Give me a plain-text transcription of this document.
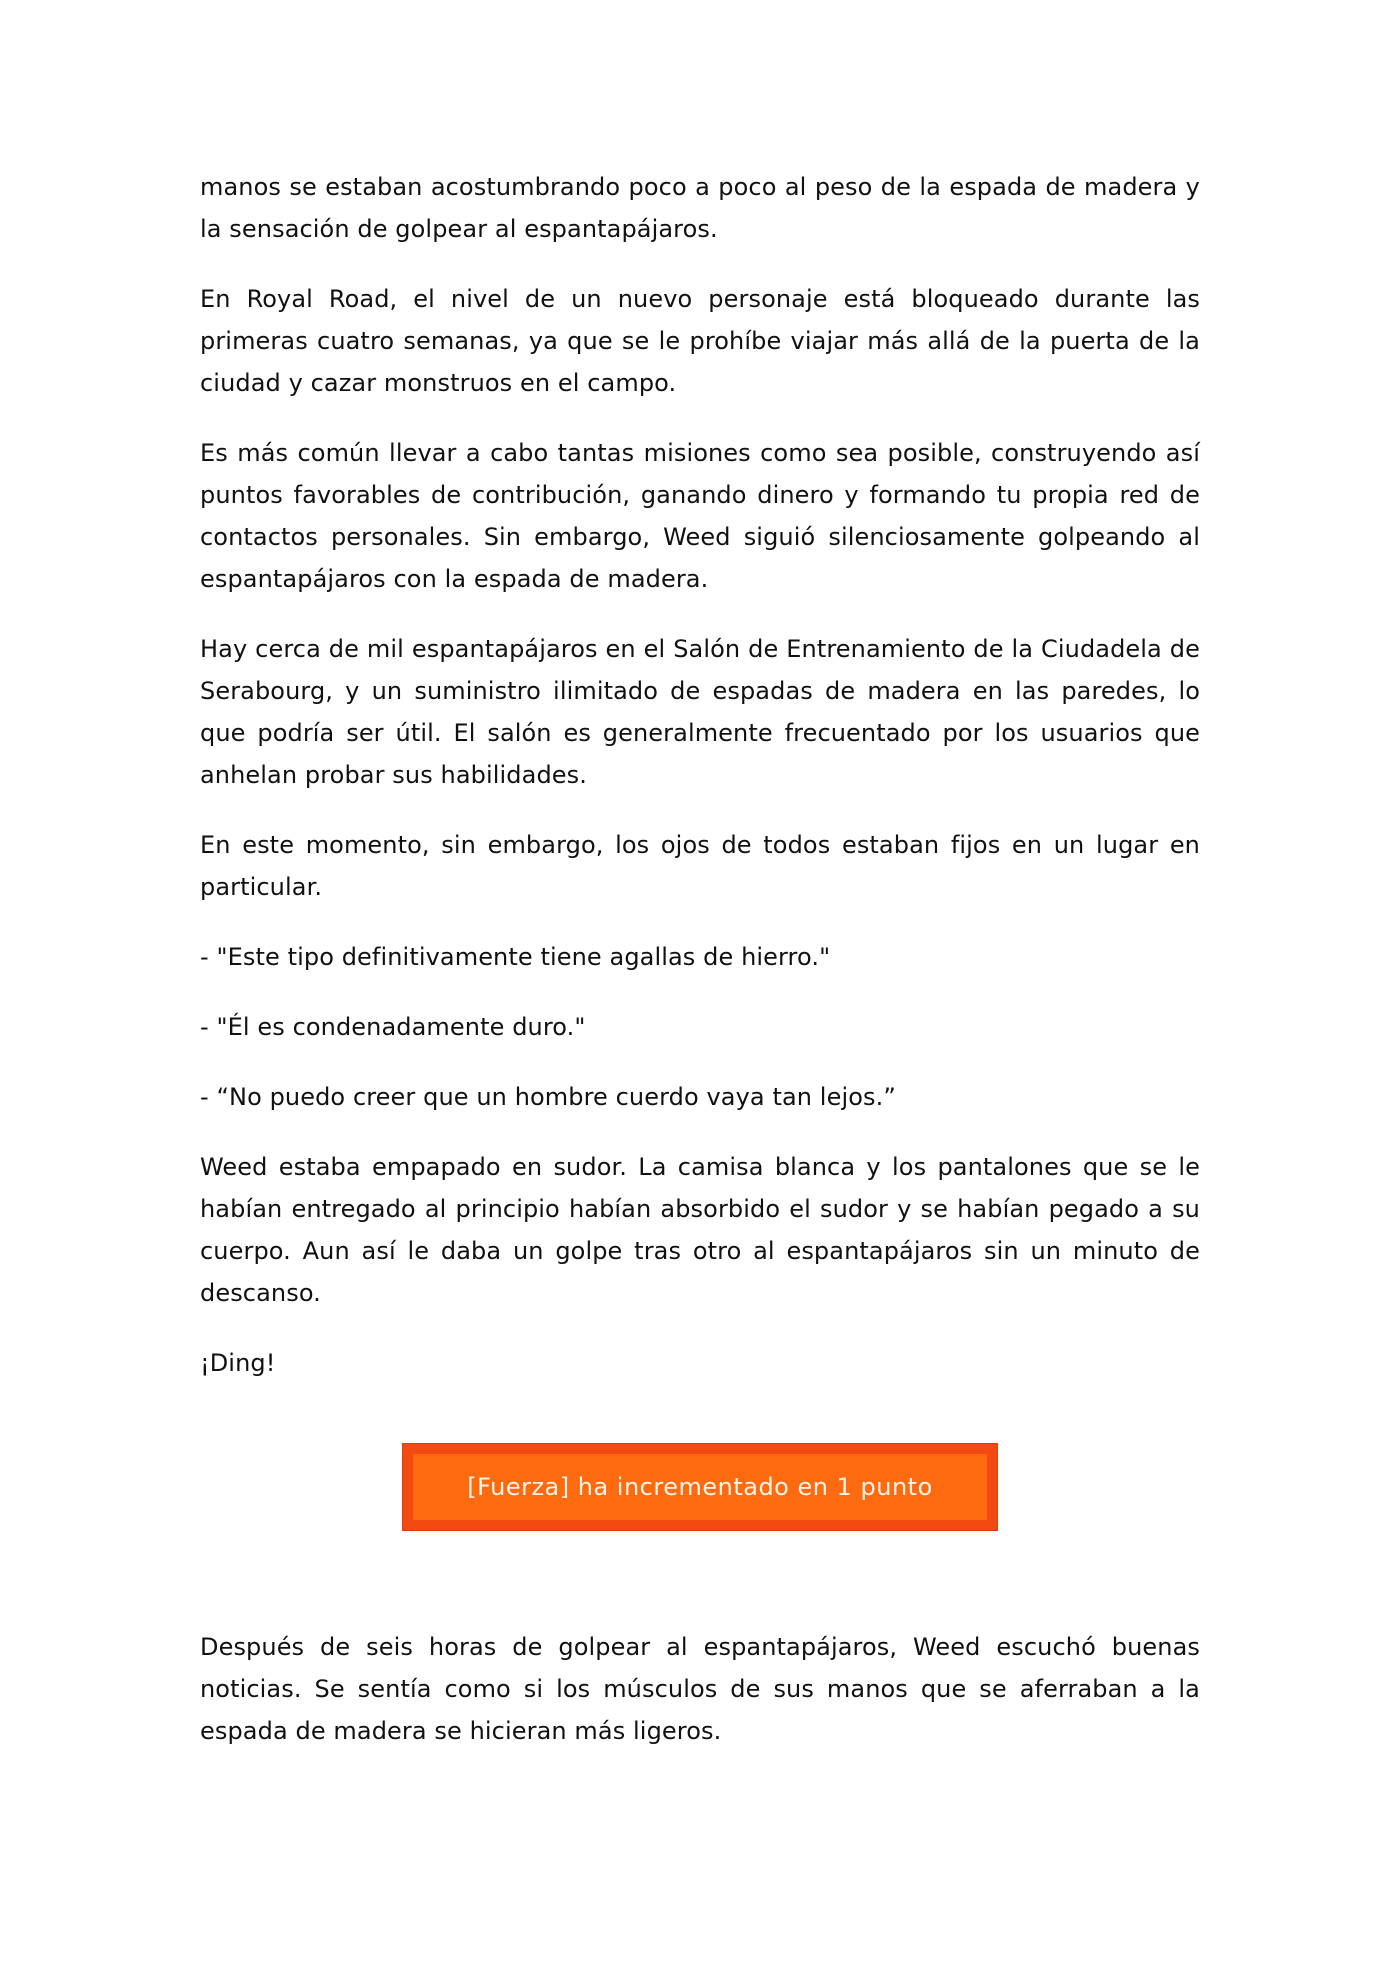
manos se estaban acostumbrando poco a poco al peso de la espada de madera y la sensación de golpear al espantapájaros.

En Royal Road, el nivel de un nuevo personaje está bloqueado durante las primeras cuatro semanas, ya que se le prohíbe viajar más allá de la puerta de la ciudad y cazar monstruos en el campo.

Es más común llevar a cabo tantas misiones como sea posible, construyendo así puntos favorables de contribución, ganando dinero y formando tu propia red de contactos personales. Sin embargo, Weed siguió silenciosamente golpeando al espantapájaros con la espada de madera.

Hay cerca de mil espantapájaros en el Salón de Entrenamiento de la Ciudadela de Serabourg, y un suministro ilimitado de espadas de madera en las paredes, lo que podría ser útil. El salón es generalmente frecuentado por los usuarios que anhelan probar sus habilidades.

En este momento, sin embargo, los ojos de todos estaban fijos en un lugar en particular.

- "Este tipo definitivamente tiene agallas de hierro."

- "Él es condenadamente duro."

- “No puedo creer que un hombre cuerdo vaya tan lejos.”

Weed estaba empapado en sudor. La camisa blanca y los pantalones que se le habían entregado al principio habían absorbido el sudor y se habían pegado a su cuerpo. Aun así le daba un golpe tras otro al espantapájaros sin un minuto de descanso.

¡Ding!

[Fuerza] ha incrementado en 1 punto

Después de seis horas de golpear al espantapájaros, Weed escuchó buenas noticias. Se sentía como si los músculos de sus manos que se aferraban a la espada de madera se hicieran más ligeros.
